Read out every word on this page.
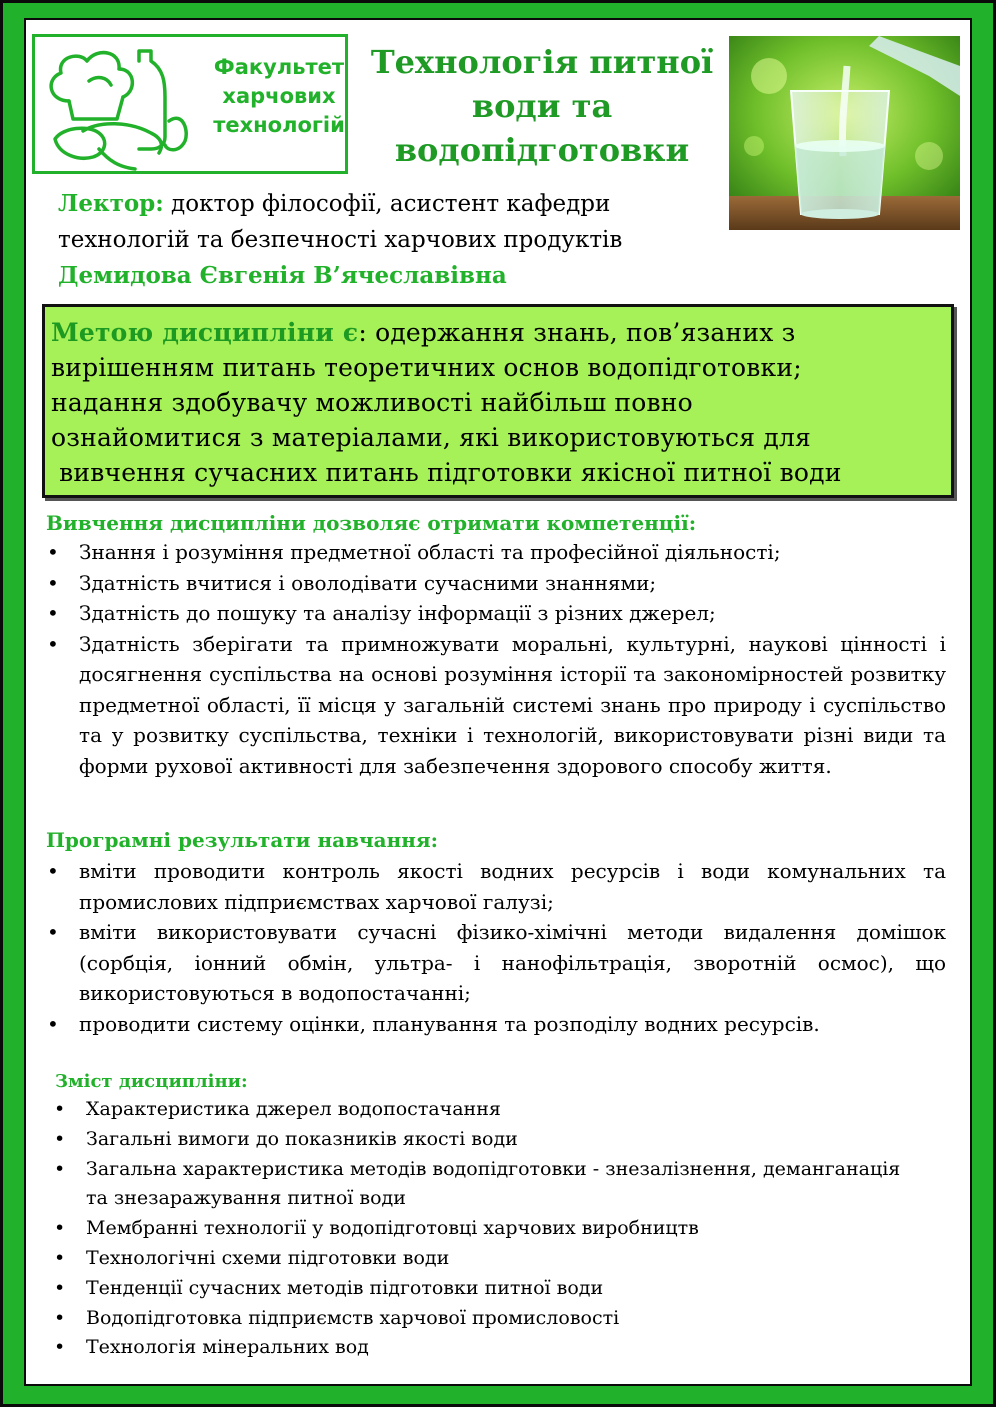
Факультет
харчових
технологій
Технологія питної
води та
водопідготовки
Лектор: доктор філософії, асистент кафедри
технологій та безпечності харчових продуктів
Демидова Євгенія В’ячеславівна
Метою дисципліни є: одержання знань, пов’язаних з
вирішенням питань теоретичних основ водопідготовки;
надання здобувачу можливості найбільш повно
ознайомитися з матеріалами, які використовуються для
вивчення сучасних питань підготовки якісної питної води
Вивчення дисципліни дозволяє отримати компетенції:
• Знання і розуміння предметної області та професійної діяльності;
• Здатність вчитися і оволодівати сучасними знаннями;
• Здатність до пошуку та аналізу інформації з різних джерел;
• Здатність зберігати та примножувати моральні, культурні, наукові цінності і досягнення суспільства на основі розуміння історії та закономірностей розвитку предметної області, її місця у загальній системі знань про природу і суспільство та у розвитку суспільства, техніки і технологій, використовувати різні види та форми рухової активності для забезпечення здорового способу життя.
Програмні результати навчання:
• вміти проводити контроль якості водних ресурсів і води комунальних та промислових підприємствах харчової галузі;
• вміти використовувати сучасні фізико-хімічні методи видалення домішок (сорбція, іонний обмін, ультра- і нанофільтрація, зворотній осмос), що використовуються в водопостачанні;
• проводити систему оцінки, планування та розподілу водних ресурсів.
Зміст дисципліни:
• Характеристика джерел водопостачання
• Загальні вимоги до показників якості води
• Загальна характеристика методів водопідготовки - знезалізнення, деманганація та знезаражування питної води
• Мембранні технології у водопідготовці харчових виробництв
• Технологічні схеми підготовки води
• Тенденції сучасних методів підготовки питної води
• Водопідготовка підприємств харчової промисловості
• Технологія мінеральних вод
